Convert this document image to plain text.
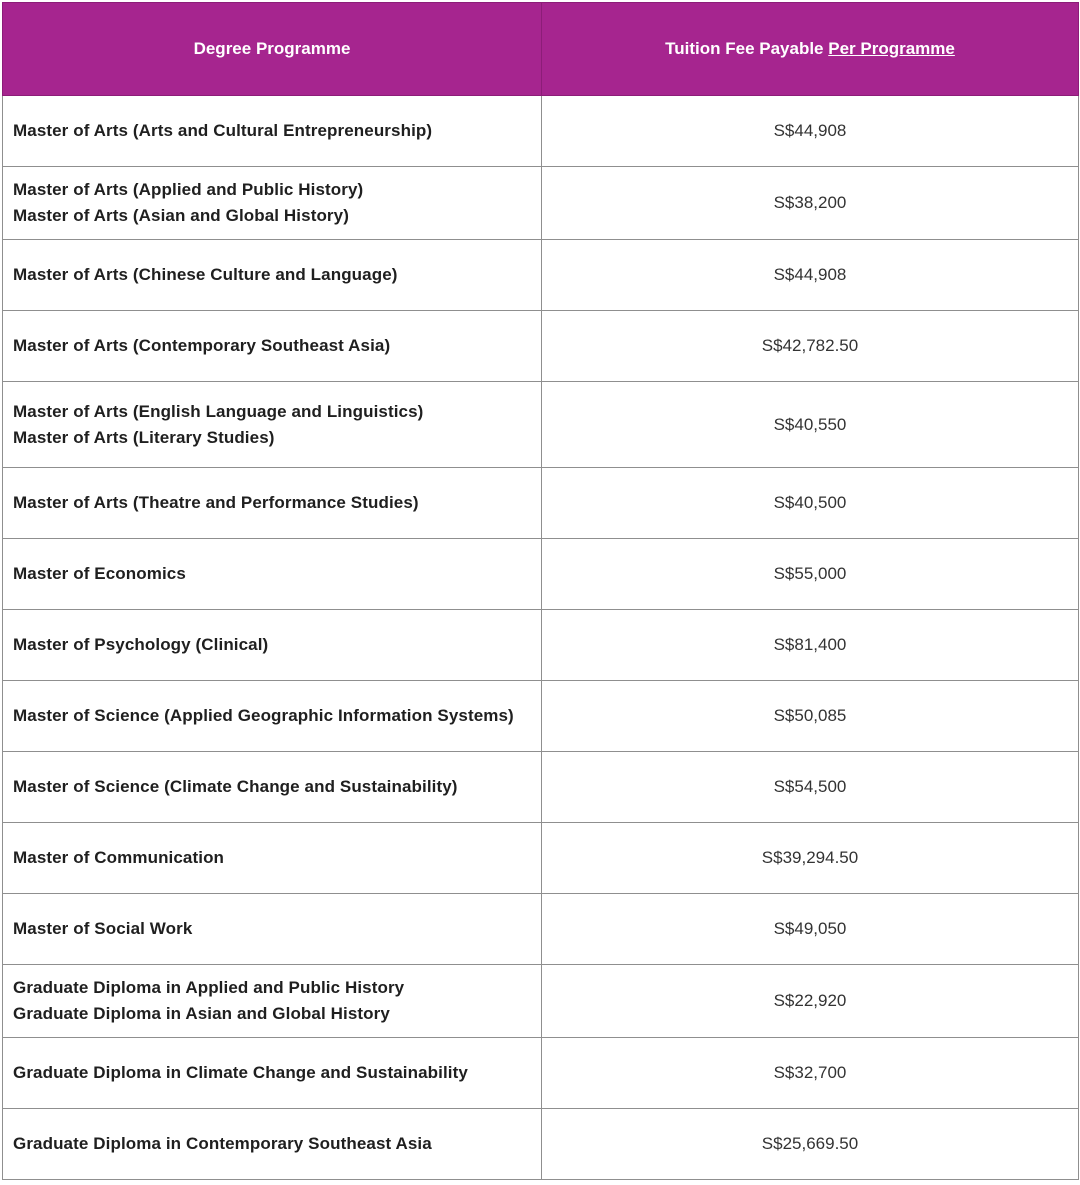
Degree Programme	Tuition Fee Payable Per Programme

Master of Arts (Arts and Cultural Entrepreneurship)	S$44,908

Master of Arts (Applied and Public History)
Master of Arts (Asian and Global History)	S$38,200

Master of Arts (Chinese Culture and Language)	S$44,908

Master of Arts (Contemporary Southeast Asia)	S$42,782.50

Master of Arts (English Language and Linguistics)
Master of Arts (Literary Studies)	S$40,550

Master of Arts (Theatre and Performance Studies)	S$40,500

Master of Economics	S$55,000

Master of Psychology (Clinical)	S$81,400

Master of Science (Applied Geographic Information Systems)	S$50,085

Master of Science (Climate Change and Sustainability)	S$54,500

Master of Communication	S$39,294.50

Master of Social Work	S$49,050

Graduate Diploma in Applied and Public History
Graduate Diploma in Asian and Global History	S$22,920

Graduate Diploma in Climate Change and Sustainability	S$32,700

Graduate Diploma in Contemporary Southeast Asia	S$25,669.50
